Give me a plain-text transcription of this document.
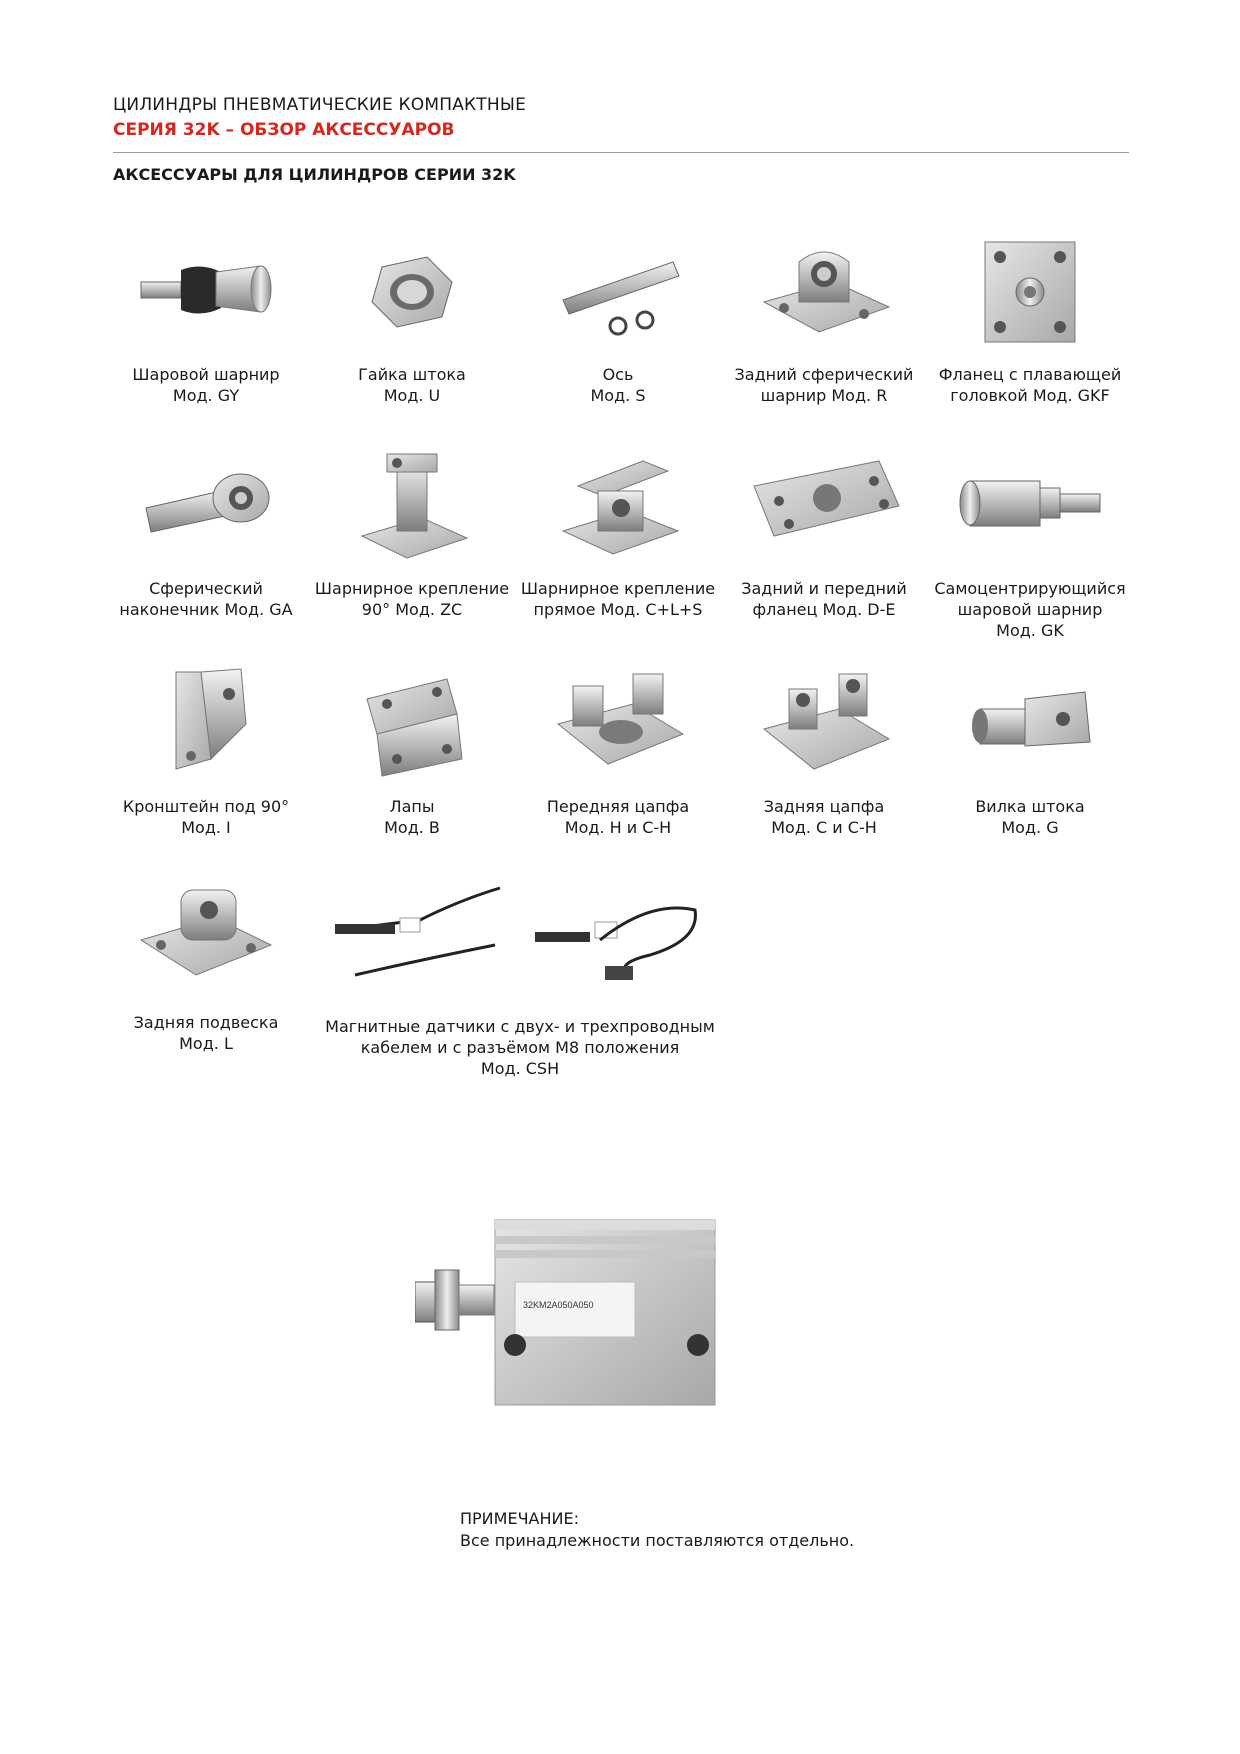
ЦИЛИНДРЫ ПНЕВМАТИЧЕСКИЕ КОМПАКТНЫЕ
СЕРИЯ 32K – ОБЗОР АКСЕССУАРОВ
АКСЕССУАРЫ ДЛЯ ЦИЛИНДРОВ СЕРИИ 32K
Шаровой шарнир
Мод. GY
Гайка штока
Мод. U
Ось
Мод. S
Задний сферический
шарнир Мод. R
Фланец с плавающей
головкой Мод. GKF
Сферический
наконечник Мод. GA
Шарнирное крепление
90° Мод. ZC
Шарнирное крепление
прямое Мод. C+L+S
Задний и передний
фланец Мод. D-E
Самоцентрирующийся
шаровой шарнир
Мод. GK
Кронштейн под 90°
Мод. I
Лапы
Мод. B
Передняя цапфа
Мод. H и C-H
Задняя цапфа
Мод. C и C-H
Вилка штока
Мод. G
Задняя подвеска
Мод. L
Магнитные датчики с двух- и трехпроводным
кабелем и с разъёмом М8 положения
Мод. CSH
32KM2A050A050
ПРИМЕЧАНИЕ:
Все принадлежности поставляются отдельно.
